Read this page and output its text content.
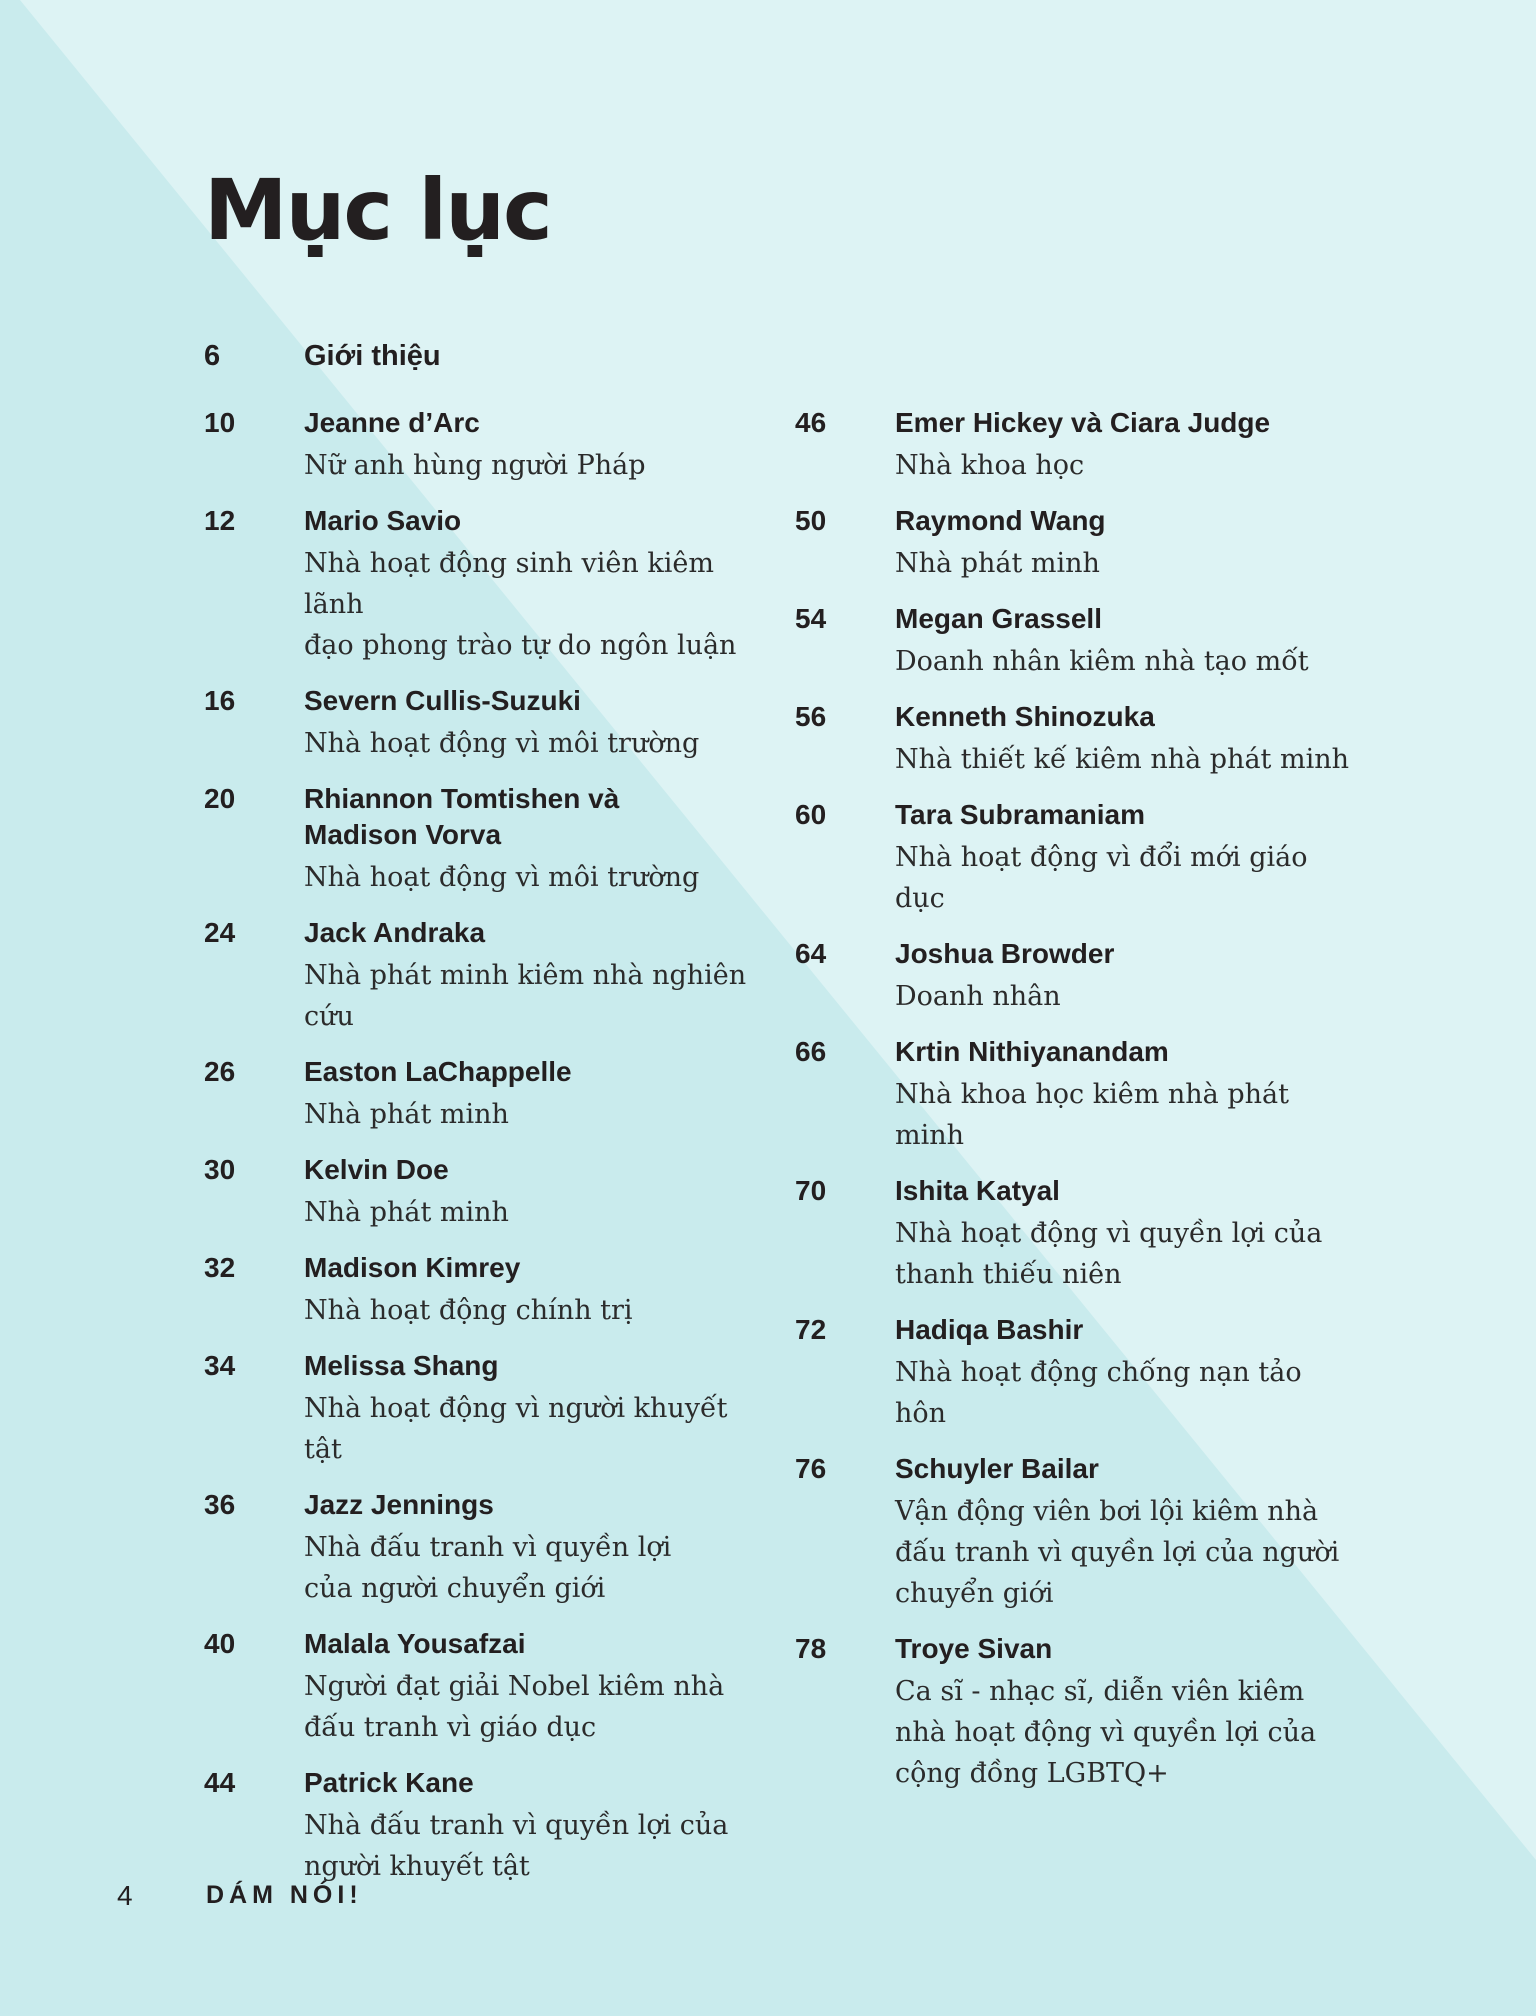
Mục lục
6	Giới thiệu
10 Jeanne d’Arc
Nữ anh hùng người Pháp
12 Mario Savio
Nhà hoạt động sinh viên kiêm lãnh
đạo phong trào tự do ngôn luận
16 Severn Cullis-Suzuki
Nhà hoạt động vì môi trường
20 Rhiannon Tomtishen và
Madison Vorva
Nhà hoạt động vì môi trường
24 Jack Andraka
Nhà phát minh kiêm nhà nghiên cứu
26 Easton LaChappelle
Nhà phát minh
30 Kelvin Doe
Nhà phát minh
32 Madison Kimrey
Nhà hoạt động chính trị
34 Melissa Shang
Nhà hoạt động vì người khuyết tật
36 Jazz Jennings
Nhà đấu tranh vì quyền lợi
của người chuyển giới
40 Malala Yousafzai
Người đạt giải Nobel kiêm nhà
đấu tranh vì giáo dục
44 Patrick Kane
Nhà đấu tranh vì quyền lợi của
người khuyết tật
46 Emer Hickey và Ciara Judge
Nhà khoa học
50 Raymond Wang
Nhà phát minh
54 Megan Grassell
Doanh nhân kiêm nhà tạo mốt
56 Kenneth Shinozuka
Nhà thiết kế kiêm nhà phát minh
60 Tara Subramaniam
Nhà hoạt động vì đổi mới giáo dục
64 Joshua Browder
Doanh nhân
66 Krtin Nithiyanandam
Nhà khoa học kiêm nhà phát minh
70 Ishita Katyal
Nhà hoạt động vì quyền lợi của
thanh thiếu niên
72 Hadiqa Bashir
Nhà hoạt động chống nạn tảo hôn
76 Schuyler Bailar
Vận động viên bơi lội kiêm nhà
đấu tranh vì quyền lợi của người
chuyển giới
78 Troye Sivan
Ca sĩ - nhạc sĩ, diễn viên kiêm
nhà hoạt động vì quyền lợi của
cộng đồng LGBTQ+
4	DÁM NÓI!
